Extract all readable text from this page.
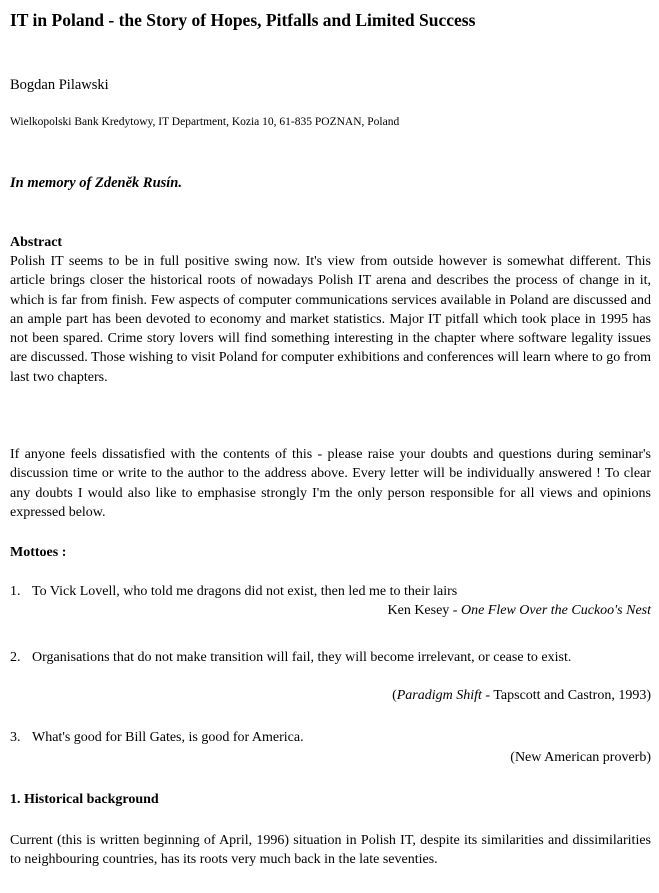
IT in Poland - the Story of Hopes, Pitfalls and Limited Success

Bogdan Pilawski

Wielkopolski Bank Kredytowy, IT Department, Kozia 10, 61-835 POZNAN, Poland

In memory of Zdeněk Rusín.

Abstract

Polish IT seems to be in full positive swing now. It's view from outside however is somewhat different. This article brings closer the historical roots of nowadays Polish IT arena and describes the process of change in it, which is far from finish. Few aspects of computer communications services available in Poland are discussed and an ample part has been devoted to economy and market statistics. Major IT pitfall which took place in 1995 has not been spared. Crime story lovers will find something interesting in the chapter where software legality issues are discussed. Those wishing to visit Poland for computer exhibitions and conferences will learn where to go from last two chapters.

If anyone feels dissatisfied with the contents of this - please raise your doubts and questions during seminar's discussion time or write to the author to the address above. Every letter will be individually answered ! To clear any doubts I would also like to emphasise strongly I'm the only person responsible for all views and opinions expressed below.

Mottoes :
1. To Vick Lovell, who told me dragons did not exist, then led me to their lairs
Ken Kesey - One Flew Over the Cuckoo's Nest
2. Organisations that do not make transition will fail, they will become irrelevant, or cease to exist.
(Paradigm Shift - Tapscott and Castron, 1993)
3. What's good for Bill Gates, is good for America.
(New American proverb)
1. Historical background

Current (this is written beginning of April, 1996) situation in Polish IT, despite its similarities and dissimilarities to neighbouring countries, has its roots very much back in the late seventies.
